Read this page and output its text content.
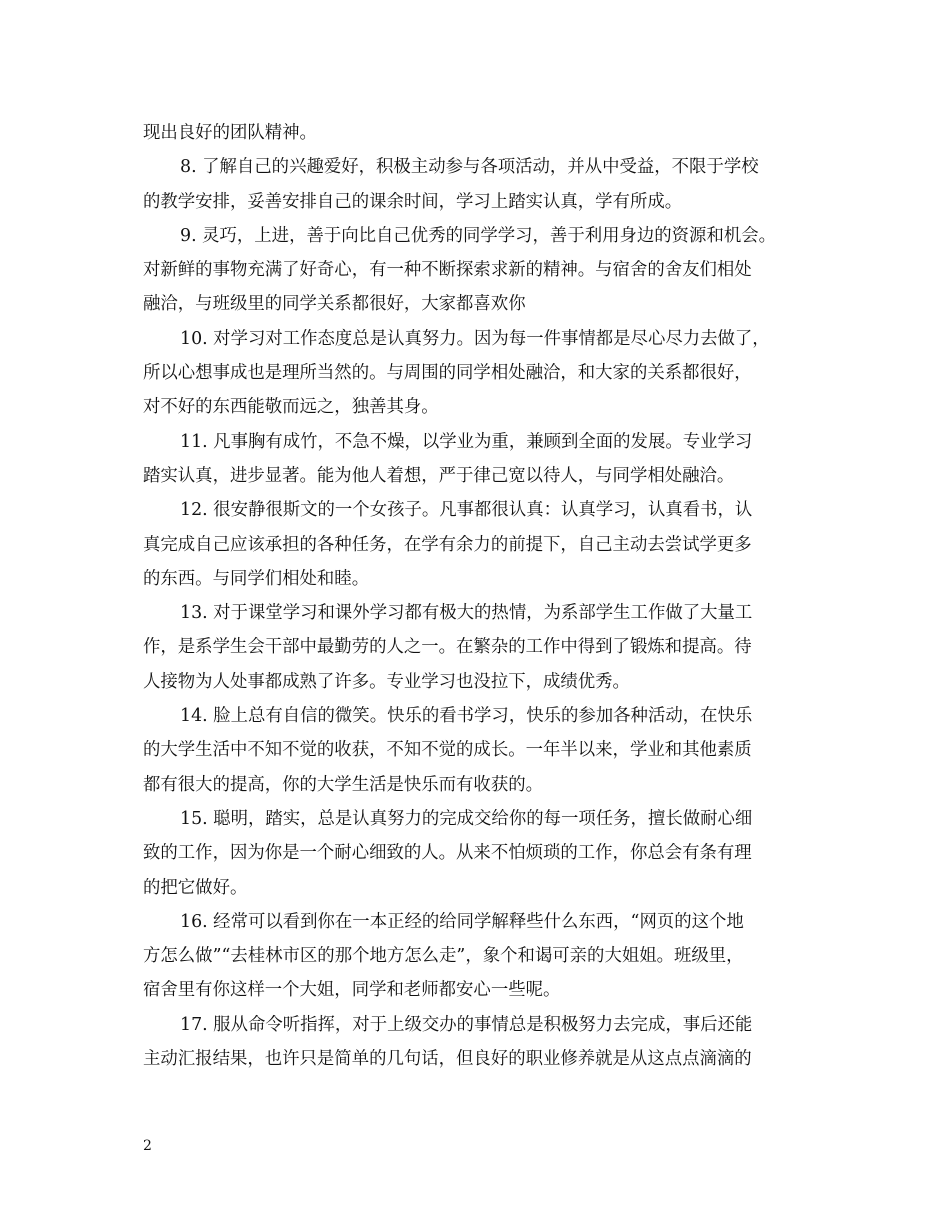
现出良好的团队精神。
8. 了解自己的兴趣爱好，积极主动参与各项活动，并从中受益，不限于学校
的教学安排，妥善安排自己的课余时间，学习上踏实认真，学有所成。
9. 灵巧，上进，善于向比自己优秀的同学学习，善于利用身边的资源和机会。
对新鲜的事物充满了好奇心，有一种不断探索求新的精神。与宿舍的舍友们相处
融洽，与班级里的同学关系都很好，大家都喜欢你
10. 对学习对工作态度总是认真努力。因为每一件事情都是尽心尽力去做了，
所以心想事成也是理所当然的。与周围的同学相处融洽，和大家的关系都很好，
对不好的东西能敬而远之，独善其身。
11. 凡事胸有成竹，不急不燥，以学业为重，兼顾到全面的发展。专业学习
踏实认真，进步显著。能为他人着想，严于律己宽以待人，与同学相处融洽。
12. 很安静很斯文的一个女孩子。凡事都很认真：认真学习，认真看书，认
真完成自己应该承担的各种任务，在学有余力的前提下，自己主动去尝试学更多
的东西。与同学们相处和睦。
13. 对于课堂学习和课外学习都有极大的热情，为系部学生工作做了大量工
作，是系学生会干部中最勤劳的人之一。在繁杂的工作中得到了锻炼和提高。待
人接物为人处事都成熟了许多。专业学习也没拉下，成绩优秀。
14. 脸上总有自信的微笑。快乐的看书学习，快乐的参加各种活动，在快乐
的大学生活中不知不觉的收获，不知不觉的成长。一年半以来，学业和其他素质
都有很大的提高，你的大学生活是快乐而有收获的。
15. 聪明，踏实，总是认真努力的完成交给你的每一项任务，擅长做耐心细
致的工作，因为你是一个耐心细致的人。从来不怕烦琐的工作，你总会有条有理
的把它做好。
16. 经常可以看到你在一本正经的给同学解释些什么东西，“网页的这个地
方怎么做”“去桂林市区的那个地方怎么走”，象个和谒可亲的大姐姐。班级里，
宿舍里有你这样一个大姐，同学和老师都安心一些呢。
17. 服从命令听指挥，对于上级交办的事情总是积极努力去完成，事后还能
主动汇报结果，也许只是简单的几句话，但良好的职业修养就是从这点点滴滴的
2
